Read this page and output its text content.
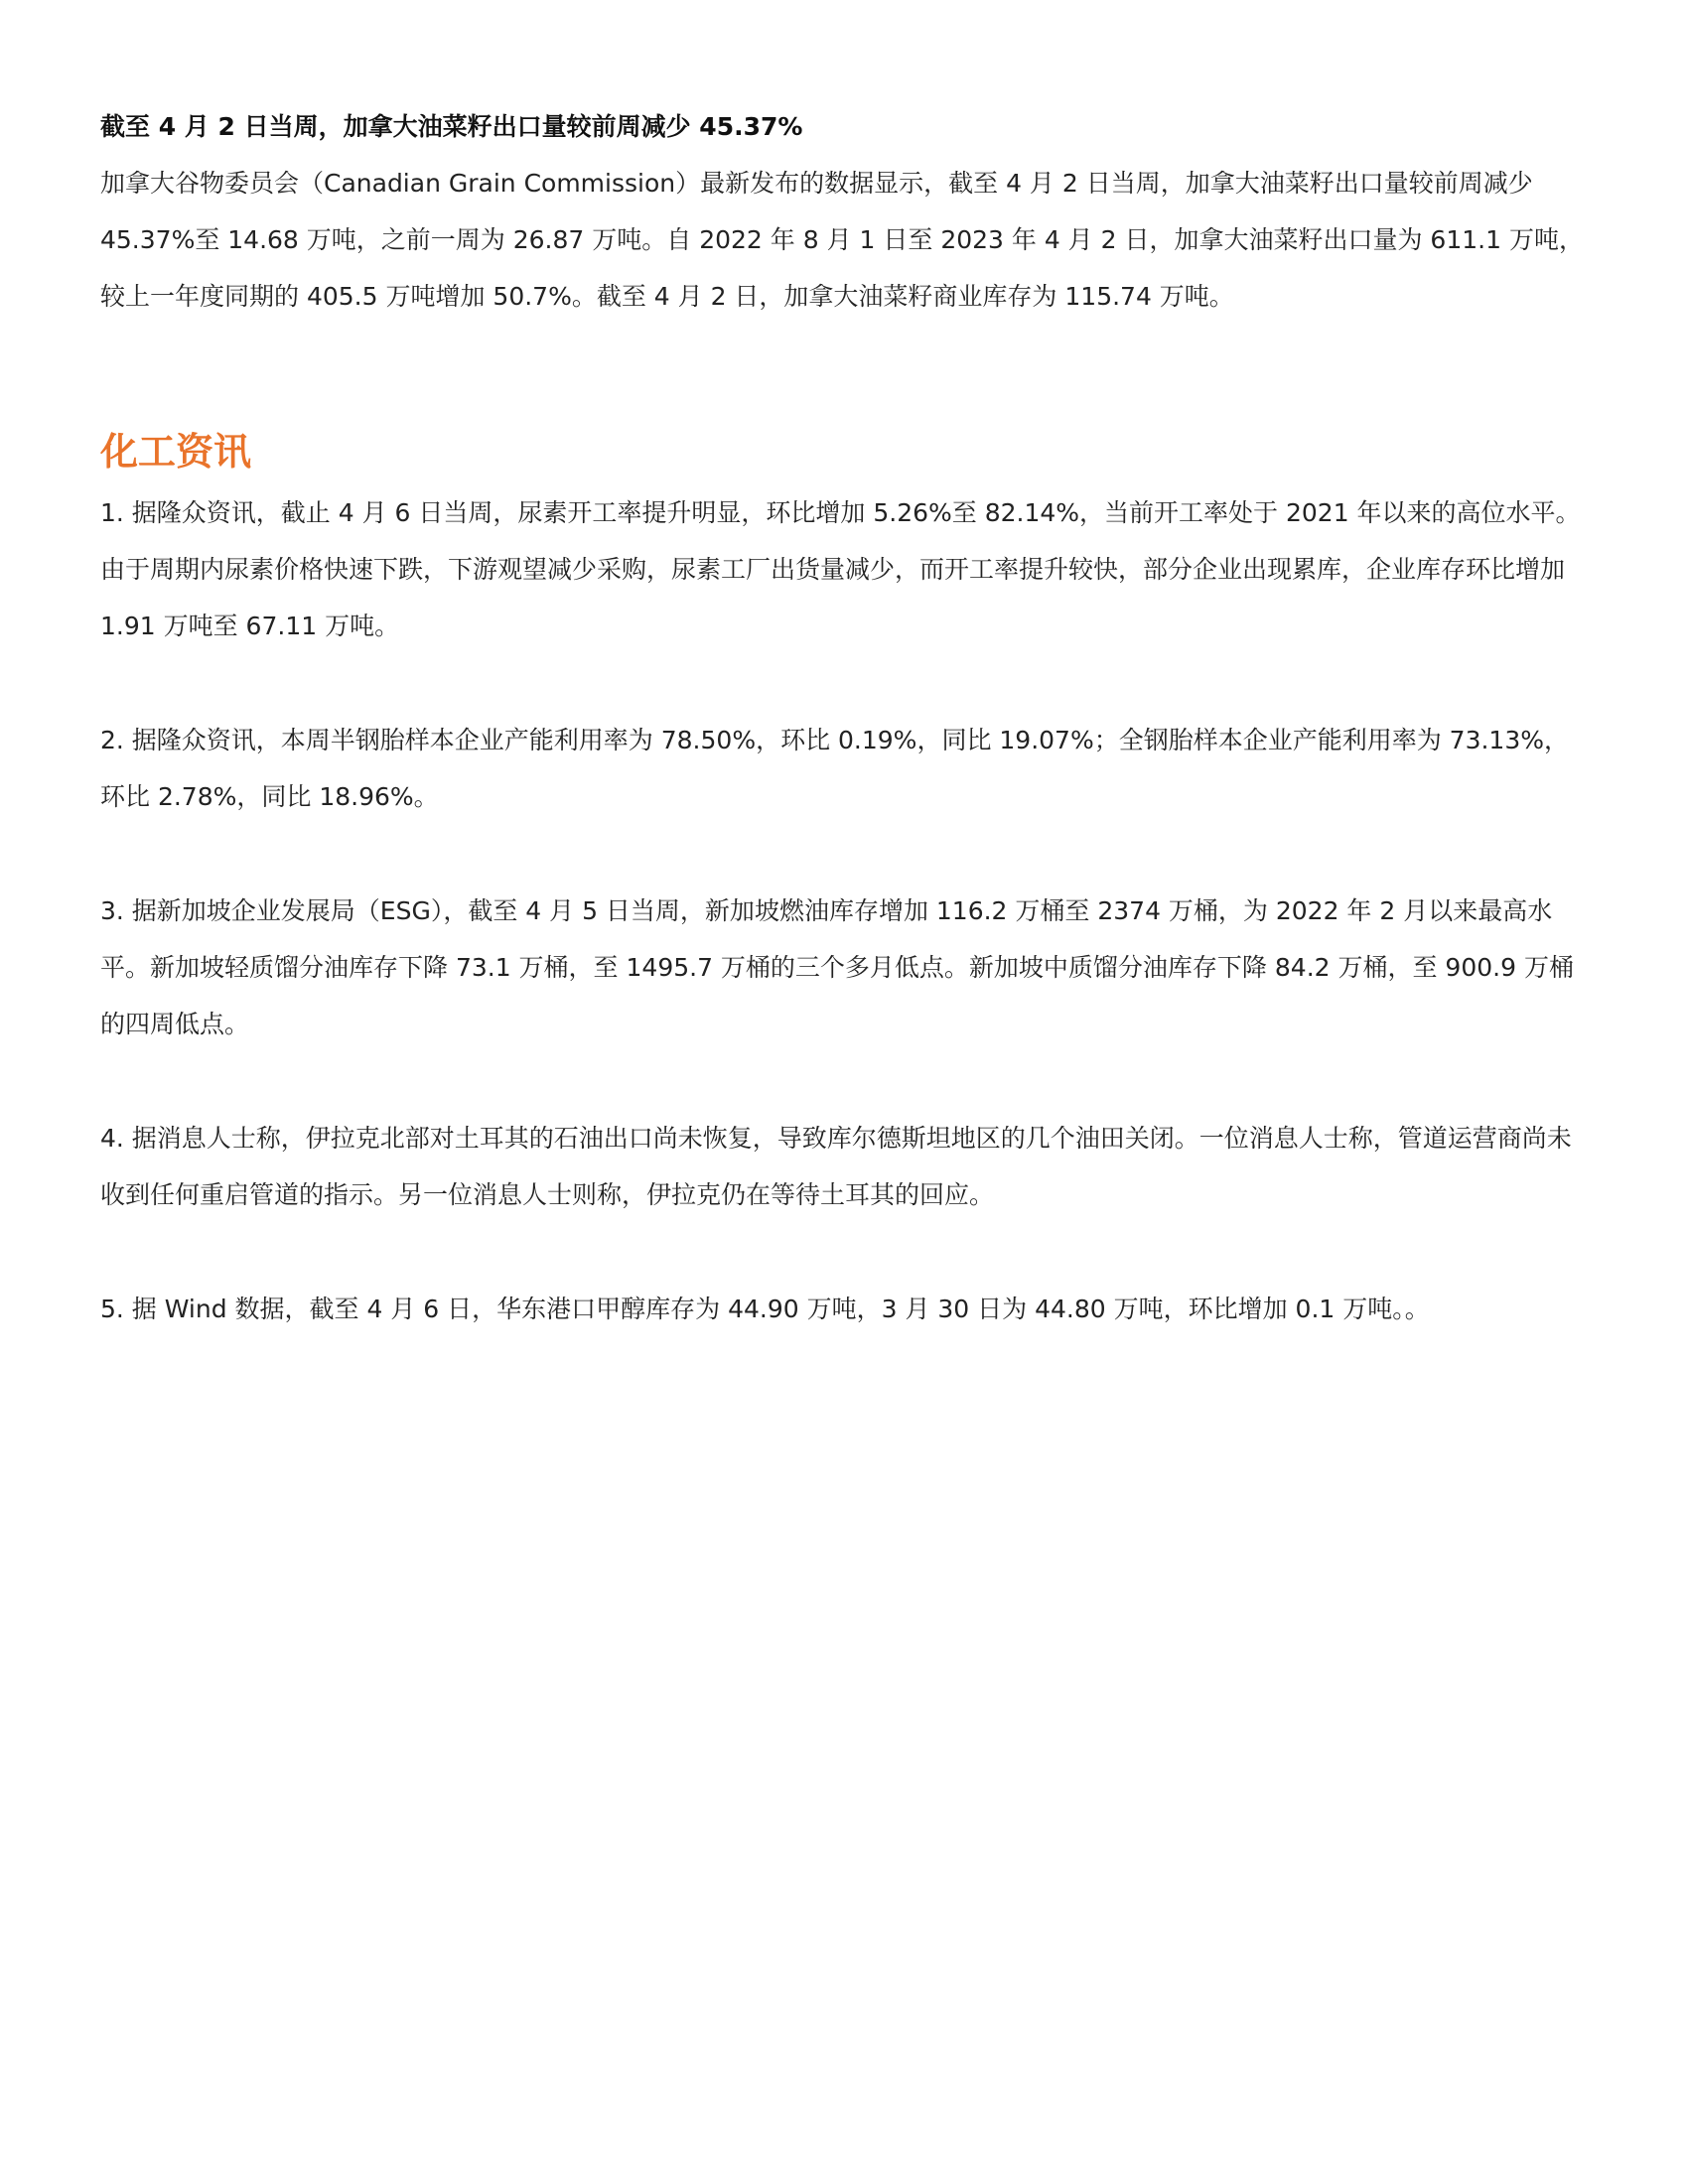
截至 4 月 2 日当周，加拿大油菜籽出口量较前周减少 45.37%

加拿大谷物委员会（Canadian Grain Commission）最新发布的数据显示，截至 4 月 2 日当周，加拿大油菜籽出口量较前周减少 45.37%至 14.68 万吨，之前一周为 26.87 万吨。自 2022 年 8 月 1 日至 2023 年 4 月 2 日，加拿大油菜籽出口量为 611.1 万吨，较上一年度同期的 405.5 万吨增加 50.7%。截至 4 月 2 日，加拿大油菜籽商业库存为 115.74 万吨。

化工资讯

1. 据隆众资讯，截止 4 月 6 日当周，尿素开工率提升明显，环比增加 5.26%至 82.14%，当前开工率处于 2021 年以来的高位水平。由于周期内尿素价格快速下跌，下游观望减少采购，尿素工厂出货量减少，而开工率提升较快，部分企业出现累库，企业库存环比增加 1.91 万吨至 67.11 万吨。

2. 据隆众资讯，本周半钢胎样本企业产能利用率为 78.50%，环比 0.19%，同比 19.07%；全钢胎样本企业产能利用率为 73.13%，环比 2.78%，同比 18.96%。

3. 据新加坡企业发展局（ESG），截至 4 月 5 日当周，新加坡燃油库存增加 116.2 万桶至 2374 万桶，为 2022 年 2 月以来最高水平。新加坡轻质馏分油库存下降 73.1 万桶，至 1495.7 万桶的三个多月低点。新加坡中质馏分油库存下降 84.2 万桶，至 900.9 万桶的四周低点。

4. 据消息人士称，伊拉克北部对土耳其的石油出口尚未恢复，导致库尔德斯坦地区的几个油田关闭。一位消息人士称，管道运营商尚未收到任何重启管道的指示。另一位消息人士则称，伊拉克仍在等待土耳其的回应。

5. 据 Wind 数据，截至 4 月 6 日，华东港口甲醇库存为 44.90 万吨，3 月 30 日为 44.80 万吨，环比增加 0.1 万吨。。
